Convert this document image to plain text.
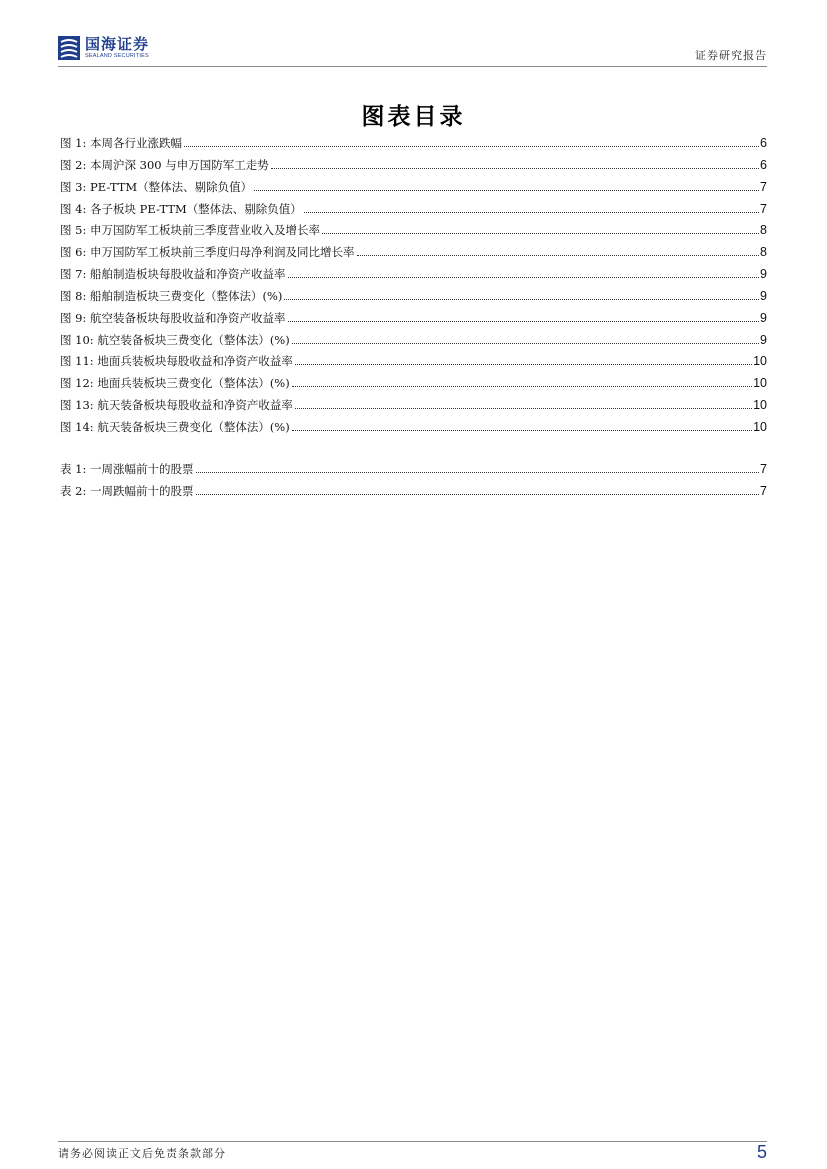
国海证券
SEALAND SECURITIES	证券研究报告
图表目录
图 1: 本周各行业涨跌幅	6
图 2: 本周沪深 300 与申万国防军工走势	6
图 3: PE-TTM（整体法、剔除负值）	7
图 4: 各子板块 PE-TTM（整体法、剔除负值）	7
图 5: 申万国防军工板块前三季度营业收入及增长率	8
图 6: 申万国防军工板块前三季度归母净利润及同比增长率	8
图 7: 船舶制造板块每股收益和净资产收益率	9
图 8: 船舶制造板块三费变化（整体法）(%)	9
图 9: 航空装备板块每股收益和净资产收益率	9
图 10: 航空装备板块三费变化（整体法）(%)	9
图 11: 地面兵装板块每股收益和净资产收益率	10
图 12: 地面兵装板块三费变化（整体法）(%)	10
图 13: 航天装备板块每股收益和净资产收益率	10
图 14: 航天装备板块三费变化（整体法）(%)	10
表 1: 一周涨幅前十的股票	7
表 2: 一周跌幅前十的股票	7
请务必阅读正文后免责条款部分	5
